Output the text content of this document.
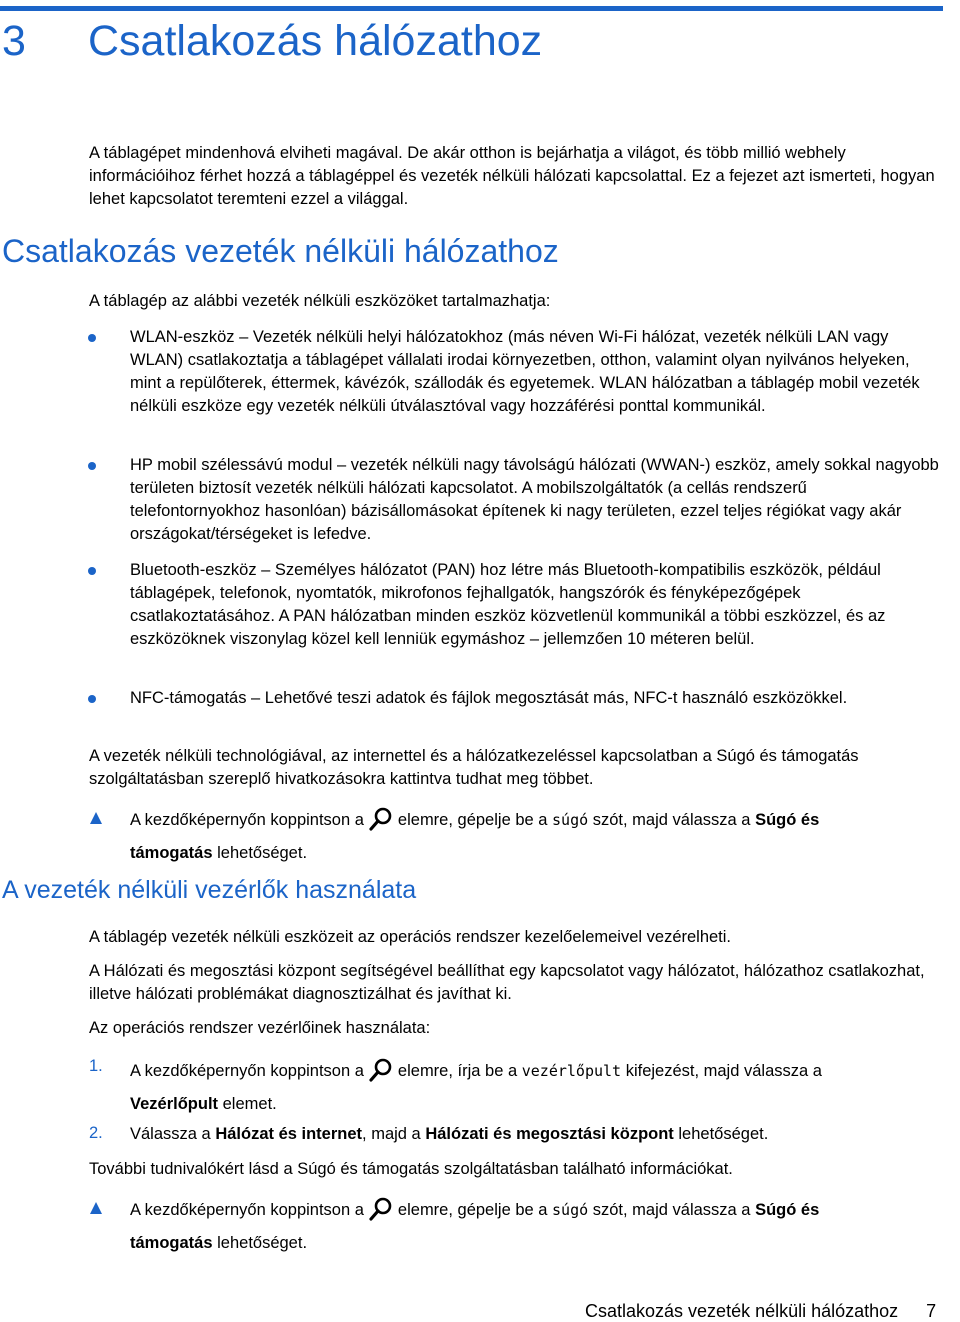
3 Csatlakozás hálózathoz
A táblagépet mindenhová elviheti magával. De akár otthon is bejárhatja a világot, és több millió webhely információihoz férhet hozzá a táblagéppel és vezeték nélküli hálózati kapcsolattal. Ez a fejezet azt ismerteti, hogyan lehet kapcsolatot teremteni ezzel a világgal.
Csatlakozás vezeték nélküli hálózathoz
A táblagép az alábbi vezeték nélküli eszközöket tartalmazhatja:
WLAN-eszköz – Vezeték nélküli helyi hálózatokhoz (más néven Wi-Fi hálózat, vezeték nélküli LAN vagy WLAN) csatlakoztatja a táblagépet vállalati irodai környezetben, otthon, valamint olyan nyilvános helyeken, mint a repülőterek, éttermek, kávézók, szállodák és egyetemek. WLAN hálózatban a táblagép mobil vezeték nélküli eszköze egy vezeték nélküli útválasztóval vagy hozzáférési ponttal kommunikál.
HP mobil szélessávú modul – vezeték nélküli nagy távolságú hálózati (WWAN-) eszköz, amely sokkal nagyobb területen biztosít vezeték nélküli hálózati kapcsolatot. A mobilszolgáltatók (a cellás rendszerű telefontornyokhoz hasonlóan) bázisállomásokat építenek ki nagy területen, ezzel teljes régiókat vagy akár országokat/térségeket is lefedve.
Bluetooth-eszköz – Személyes hálózatot (PAN) hoz létre más Bluetooth-kompatibilis eszközök, például táblagépek, telefonok, nyomtatók, mikrofonos fejhallgatók, hangszórók és fényképezőgépek csatlakoztatásához. A PAN hálózatban minden eszköz közvetlenül kommunikál a többi eszközzel, és az eszközöknek viszonylag közel kell lenniük egymáshoz – jellemzően 10 méteren belül.
NFC-támogatás – Lehetővé teszi adatok és fájlok megosztását más, NFC-t használó eszközökkel.
A vezeték nélküli technológiával, az internettel és a hálózatkezeléssel kapcsolatban a Súgó és támogatás szolgáltatásban szereplő hivatkozásokra kattintva tudhat meg többet.
A kezdőképernyőn koppintson a elemre, gépelje be a súgó szót, majd válassza a Súgó és
támogatás lehetőséget.
A vezeték nélküli vezérlők használata
A táblagép vezeték nélküli eszközeit az operációs rendszer kezelőelemeivel vezérelheti.
A Hálózati és megosztási központ segítségével beállíthat egy kapcsolatot vagy hálózatot, hálózathoz csatlakozhat, illetve hálózati problémákat diagnosztizálhat és javíthat ki.
Az operációs rendszer vezérlőinek használata:
1. A kezdőképernyőn koppintson a elemre, írja be a vezérlőpult kifejezést, majd válassza a
Vezérlőpult elemet.
2. Válassza a Hálózat és internet, majd a Hálózati és megosztási központ lehetőséget.
További tudnivalókért lásd a Súgó és támogatás szolgáltatásban található információkat.
A kezdőképernyőn koppintson a elemre, gépelje be a súgó szót, majd válassza a Súgó és
támogatás lehetőséget.
Csatlakozás vezeték nélküli hálózathoz 7
